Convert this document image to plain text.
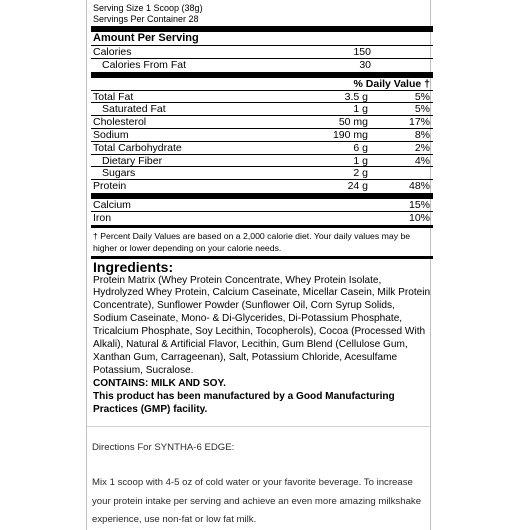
Serving Size 1 Scoop (38g)
Servings Per Container 28
Amount Per Serving
Calories	150
Calories From Fat	30
% Daily Value †
Total Fat	3.5 g	5%
Saturated Fat	1 g	5%
Cholesterol	50 mg	17%
Sodium	190 mg	8%
Total Carbohydrate	6 g	2%
Dietary Fiber	1 g	4%
Sugars	2 g
Protein	24 g	48%
Calcium	15%
Iron	10%
† Percent Daily Values are based on a 2,000 calorie diet. Your daily values may be higher or lower depending on your calorie needs.
Ingredients:
Protein Matrix (Whey Protein Concentrate, Whey Protein Isolate, Hydrolyzed Whey Protein, Calcium Caseinate, Micellar Casein, Milk Protein Concentrate), Sunflower Powder (Sunflower Oil, Corn Syrup Solids, Sodium Caseinate, Mono- & Di-Glycerides, Di-Potassium Phosphate, Tricalcium Phosphate, Soy Lecithin, Tocopherols), Cocoa (Processed With Alkali), Natural & Artificial Flavor, Lecithin, Gum Blend (Cellulose Gum, Xanthan Gum, Carrageenan), Salt, Potassium Chloride, Acesulfame Potassium, Sucralose.
CONTAINS: MILK AND SOY.
This product has been manufactured by a Good Manufacturing Practices (GMP) facility.
Directions For SYNTHA-6 EDGE:
Mix 1 scoop with 4-5 oz of cold water or your favorite beverage. To increase your protein intake per serving and achieve an even more amazing milkshake experience, use non-fat or low fat milk.
